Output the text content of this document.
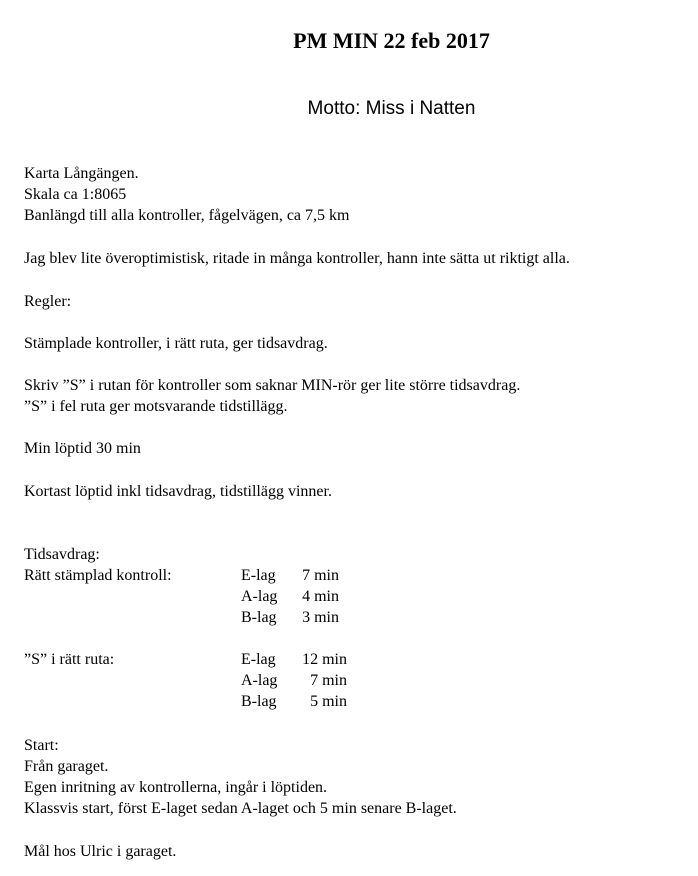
PM MIN 22 feb 2017
Motto: Miss i Natten
Karta Långängen.
Skala ca 1:8065
Banlängd till alla kontroller, fågelvägen, ca 7,5 km
Jag blev lite överoptimistisk, ritade in många kontroller, hann inte sätta ut riktigt alla.
Regler:
Stämplade kontroller, i rätt ruta, ger tidsavdrag.
Skriv ”S” i rutan för kontroller som saknar MIN-rör ger lite större tidsavdrag.
”S” i fel ruta ger motsvarande tidstillägg.
Min löptid 30 min
Kortast löptid inkl tidsavdrag, tidstillägg vinner.
Tidsavdrag:
Rätt stämplad kontroll:	E-lag	7 min
A-lag	4 min
B-lag	3 min
”S” i rätt ruta:	E-lag	12 min
A-lag	7 min
B-lag	5 min
Start:
Från garaget.
Egen inritning av kontrollerna, ingår i löptiden.
Klassvis start, först E-laget sedan A-laget och 5 min senare B-laget.
Mål hos Ulric i garaget.
